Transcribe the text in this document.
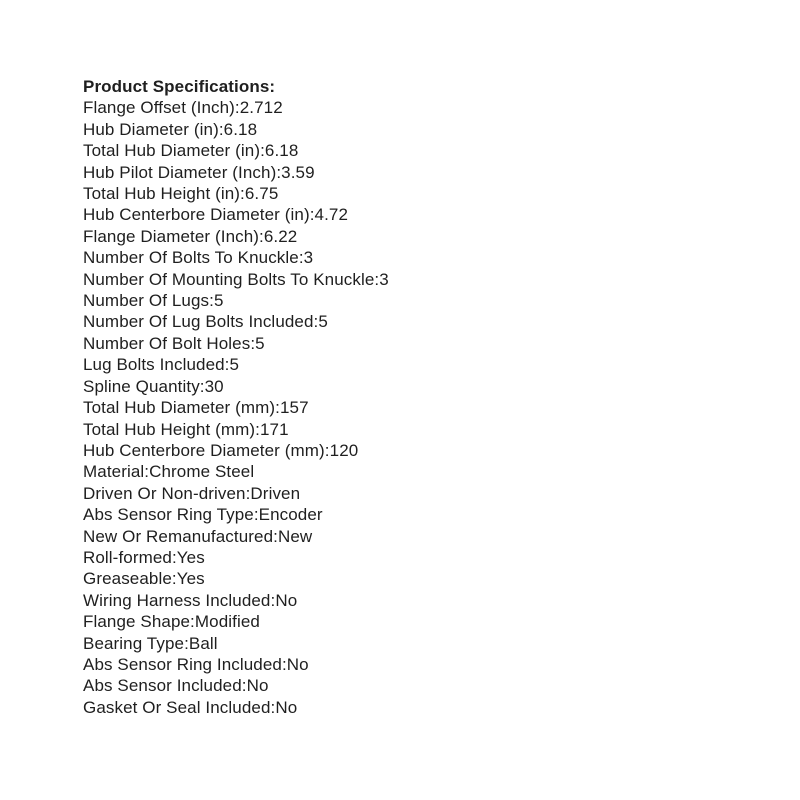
Product Specifications:
Flange Offset (Inch):2.712
Hub Diameter (in):6.18
Total Hub Diameter (in):6.18
Hub Pilot Diameter (Inch):3.59
Total Hub Height (in):6.75
Hub Centerbore Diameter (in):4.72
Flange Diameter (Inch):6.22
Number Of Bolts To Knuckle:3
Number Of Mounting Bolts To Knuckle:3
Number Of Lugs:5
Number Of Lug Bolts Included:5
Number Of Bolt Holes:5
Lug Bolts Included:5
Spline Quantity:30
Total Hub Diameter (mm):157
Total Hub Height (mm):171
Hub Centerbore Diameter (mm):120
Material:Chrome Steel
Driven Or Non-driven:Driven
Abs Sensor Ring Type:Encoder
New Or Remanufactured:New
Roll-formed:Yes
Greaseable:Yes
Wiring Harness Included:No
Flange Shape:Modified
Bearing Type:Ball
Abs Sensor Ring Included:No
Abs Sensor Included:No
Gasket Or Seal Included:No
